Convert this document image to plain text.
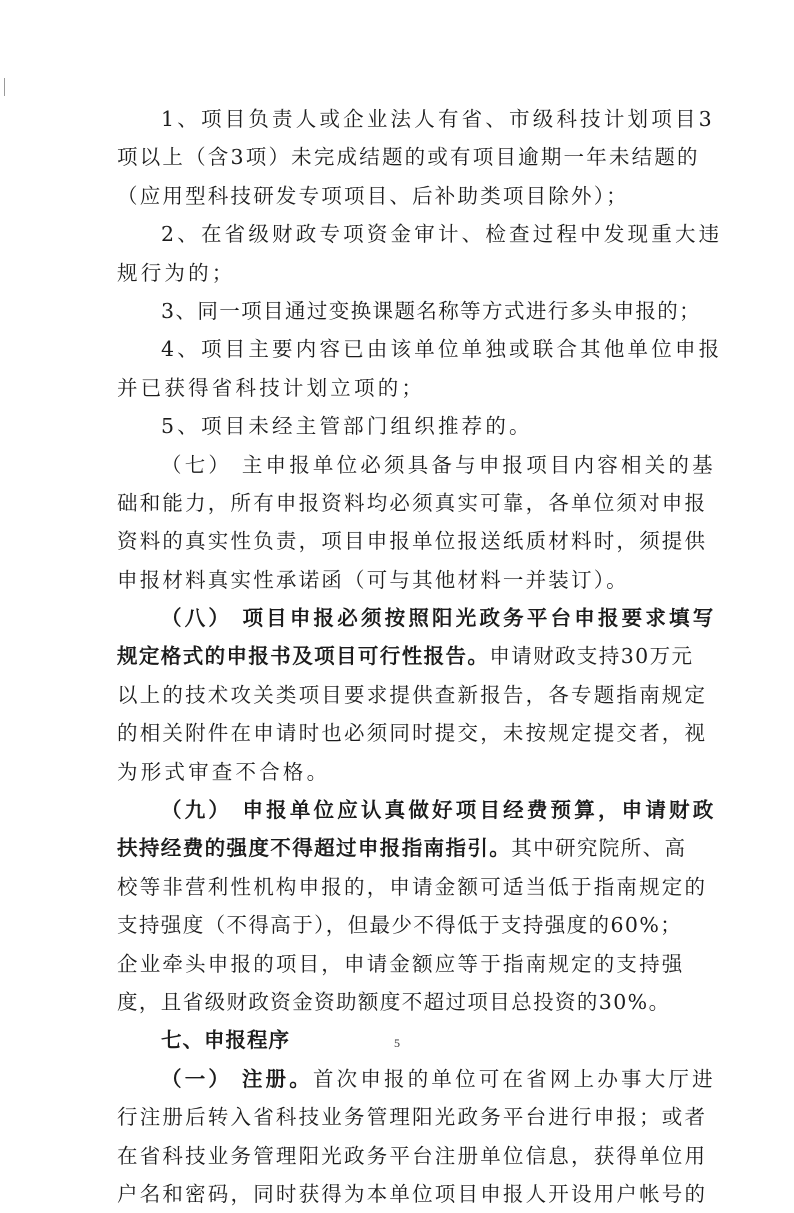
1、项目负责人或企业法人有省、市级科技计划项目3
项以上（含3项）未完成结题的或有项目逾期一年未结题的
（应用型科技研发专项项目、后补助类项目除外）；
2、在省级财政专项资金审计、检查过程中发现重大违
规行为的；
3、同一项目通过变换课题名称等方式进行多头申报的；
4、项目主要内容已由该单位单独或联合其他单位申报
并已获得省科技计划立项的；
5、项目未经主管部门组织推荐的。
（七） 主申报单位必须具备与申报项目内容相关的基
础和能力，所有申报资料均必须真实可靠，各单位须对申报
资料的真实性负责，项目申报单位报送纸质材料时，须提供
申报材料真实性承诺函（可与其他材料一并装订）。
（八） 项目申报必须按照阳光政务平台申报要求填写
规定格式的申报书及项目可行性报告。申请财政支持30万元
以上的技术攻关类项目要求提供查新报告，各专题指南规定
的相关附件在申请时也必须同时提交，未按规定提交者，视
为形式审查不合格。
（九） 申报单位应认真做好项目经费预算，申请财政
扶持经费的强度不得超过申报指南指引。其中研究院所、高
校等非营利性机构申报的，申请金额可适当低于指南规定的
支持强度（不得高于），但最少不得低于支持强度的60%；
企业牵头申报的项目，申请金额应等于指南规定的支持强
度，且省级财政资金资助额度不超过项目总投资的30%。
七、申报程序
（一） 注册。首次申报的单位可在省网上办事大厅进
行注册后转入省科技业务管理阳光政务平台进行申报；或者
在省科技业务管理阳光政务平台注册单位信息，获得单位用
户名和密码，同时获得为本单位项目申报人开设用户帐号的
5
